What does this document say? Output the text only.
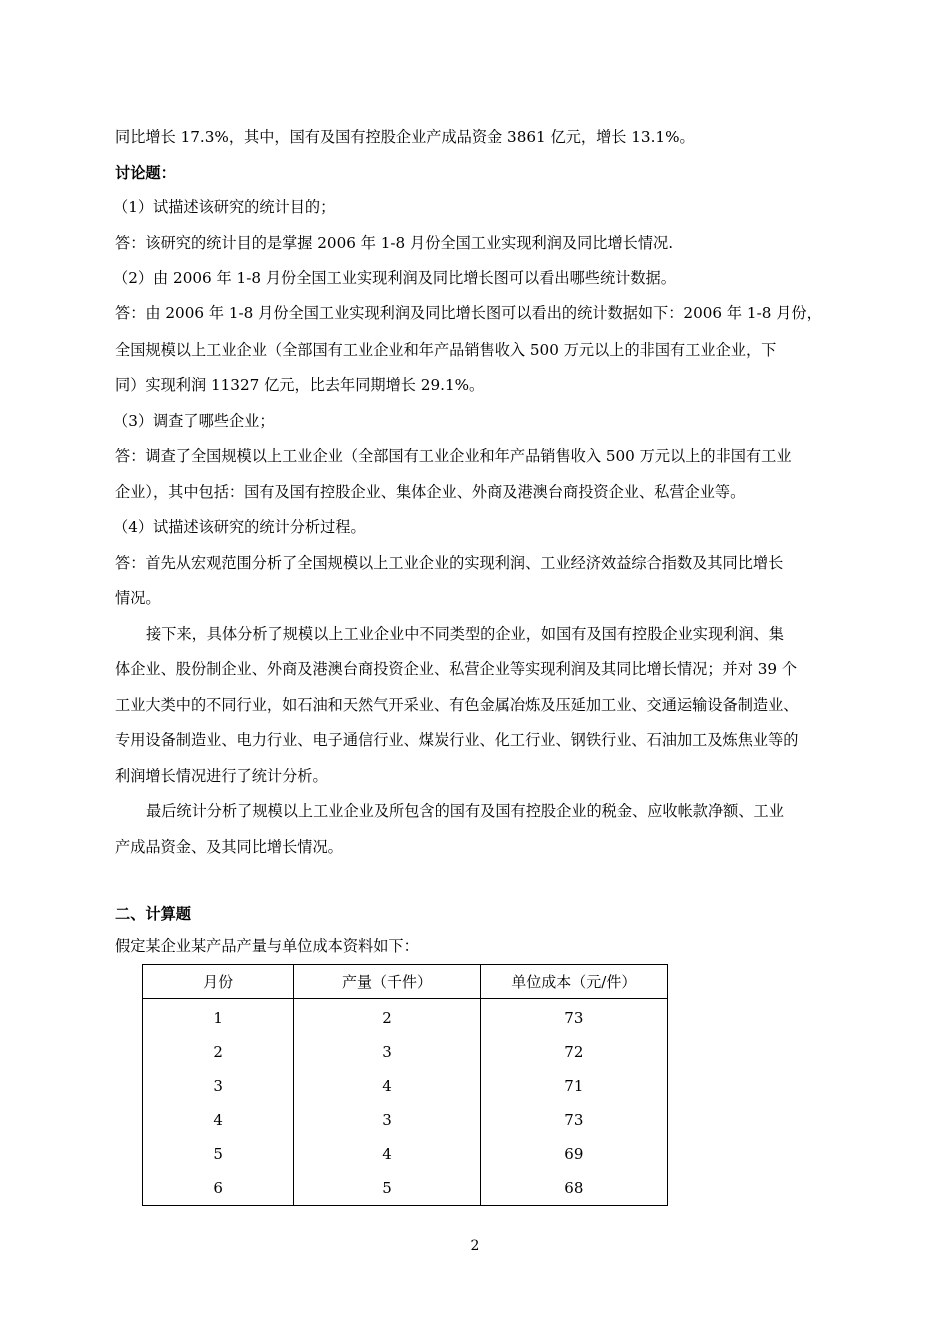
同比增长 17.3%，其中，国有及国有控股企业产成品资金 3861 亿元，增长 13.1%。
讨论题：
（1）试描述该研究的统计目的；
答：该研究的统计目的是掌握 2006 年 1-8 月份全国工业实现利润及同比增长情况.
（2）由 2006 年 1-8 月份全国工业实现利润及同比增长图可以看出哪些统计数据。
答：由 2006 年 1-8 月份全国工业实现利润及同比增长图可以看出的统计数据如下：2006 年 1-8 月份，
全国规模以上工业企业（全部国有工业企业和年产品销售收入 500 万元以上的非国有工业企业，下
同）实现利润 11327 亿元，比去年同期增长 29.1%。
（3）调查了哪些企业；
答：调查了全国规模以上工业企业（全部国有工业企业和年产品销售收入 500 万元以上的非国有工业
企业），其中包括：国有及国有控股企业、集体企业、外商及港澳台商投资企业、私营企业等。
（4）试描述该研究的统计分析过程。
答：首先从宏观范围分析了全国规模以上工业企业的实现利润、工业经济效益综合指数及其同比增长
情况。
接下来，具体分析了规模以上工业企业中不同类型的企业，如国有及国有控股企业实现利润、集
体企业、股份制企业、外商及港澳台商投资企业、私营企业等实现利润及其同比增长情况；并对 39 个
工业大类中的不同行业，如石油和天然气开采业、有色金属冶炼及压延加工业、交通运输设备制造业、
专用设备制造业、电力行业、电子通信行业、煤炭行业、化工行业、钢铁行业、石油加工及炼焦业等的
利润增长情况进行了统计分析。
最后统计分析了规模以上工业企业及所包含的国有及国有控股企业的税金、应收帐款净额、工业
产成品资金、及其同比增长情况。
二、计算题
假定某企业某产品产量与单位成本资料如下：
月份	产量（千件）	单位成本（元/件）
1	2	73
2	3	72
3	4	71
4	3	73
5	4	69
6	5	68
2
